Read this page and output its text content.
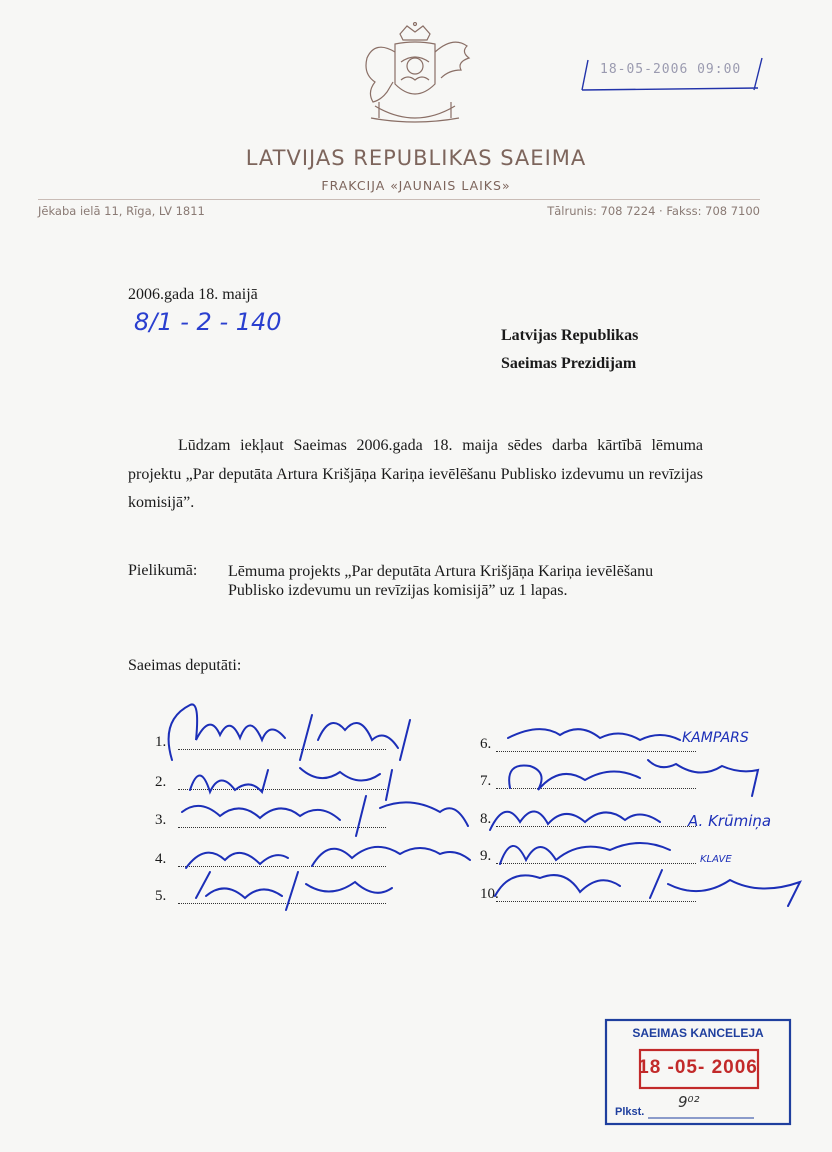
LATVIJAS REPUBLIKAS SAEIMA
FRAKCIJA «JAUNAIS LAIKS»
Jēkaba ielā 11, Rīga, LV 1811	Tālrunis: 708 7224 · Fakss: 708 7100
18-05-2006 09:00
2006.gada 18. maijā
8/1 - 2 - 140	Latvijas Republikas
Saeimas Prezidijam
Lūdzam iekļaut Saeimas 2006.gada 18. maija sēdes darba kārtībā lēmuma projektu „Par deputāta Artura Krišjāņa Kariņa ievēlēšanu Publisko izdevumu un revīzijas komisijā”.
Pielikumā: Lēmuma projekts „Par deputāta Artura Krišjāņa Kariņa ievēlēšanu Publisko izdevumu un revīzijas komisijā” uz 1 lapas.
Saeimas deputāti:
1.
2.
3.
4.
5.
6.
7.
8.
9.
10.
KAMPARS
A. Krūmiņa
KLAVE
SAEIMAS KANCELEJA
18 -05- 2006
Plkst.
9⁰²
